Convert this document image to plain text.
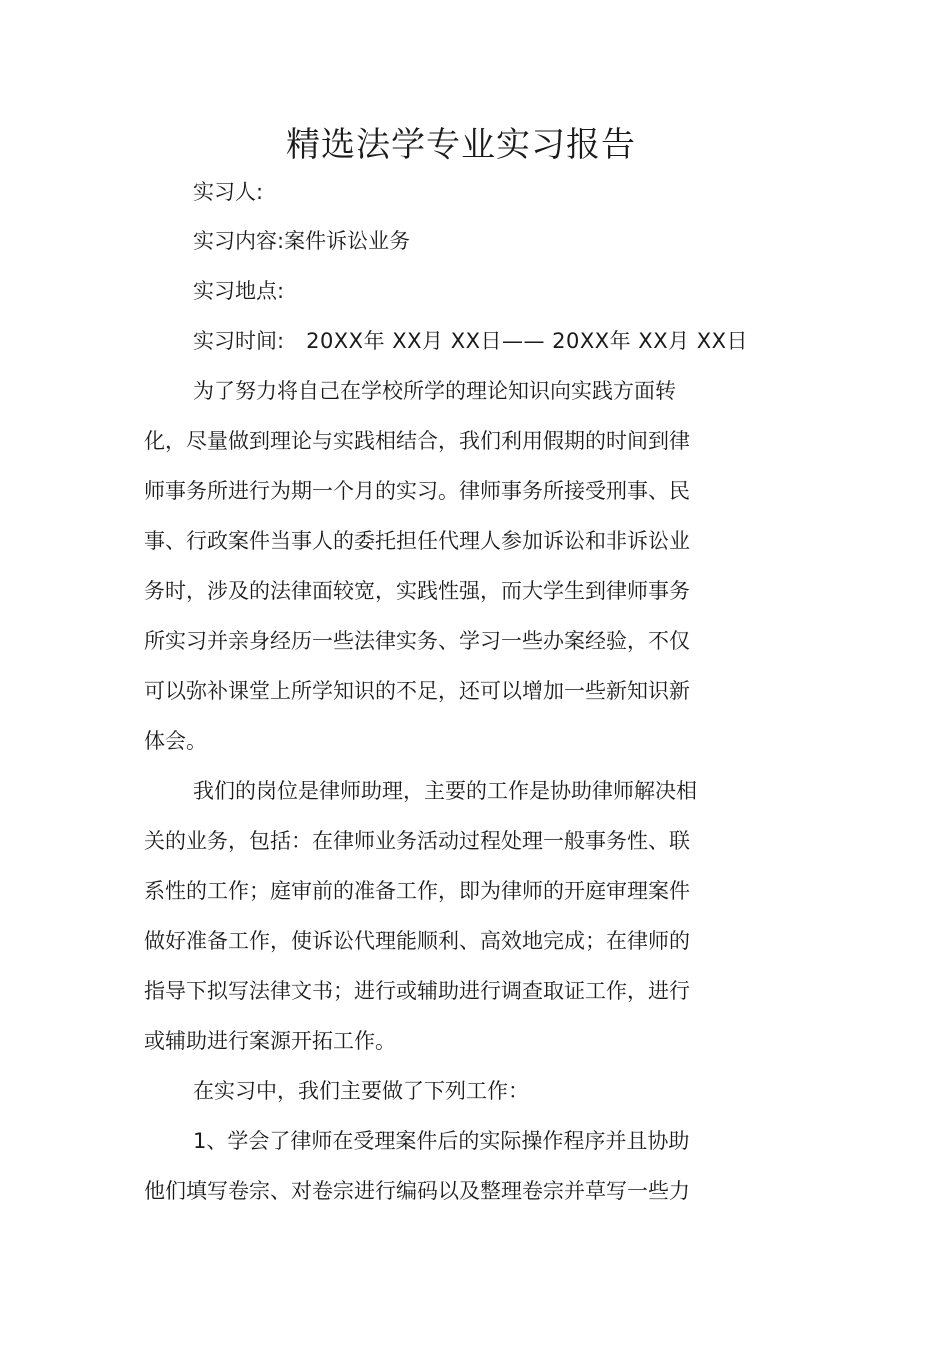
精选法学专业实习报告
实习人:
实习内容:案件诉讼业务
实习地点:
实习时间: 20XX年 XX月 XX日—— 20XX年 XX月 XX日
为了努力将自己在学校所学的理论知识向实践方面转
化，尽量做到理论与实践相结合，我们利用假期的时间到律
师事务所进行为期一个月的实习。律师事务所接受刑事、民
事、行政案件当事人的委托担任代理人参加诉讼和非诉讼业
务时，涉及的法律面较宽，实践性强，而大学生到律师事务
所实习并亲身经历一些法律实务、学习一些办案经验，不仅
可以弥补课堂上所学知识的不足，还可以增加一些新知识新
体会。
我们的岗位是律师助理，主要的工作是协助律师解决相
关的业务，包括：在律师业务活动过程处理一般事务性、联
系性的工作；庭审前的准备工作，即为律师的开庭审理案件
做好准备工作，使诉讼代理能顺利、高效地完成；在律师的
指导下拟写法律文书；进行或辅助进行调查取证工作，进行
或辅助进行案源开拓工作。
在实习中，我们主要做了下列工作：
1、学会了律师在受理案件后的实际操作程序并且协助
他们填写卷宗、对卷宗进行编码以及整理卷宗并草写一些力
